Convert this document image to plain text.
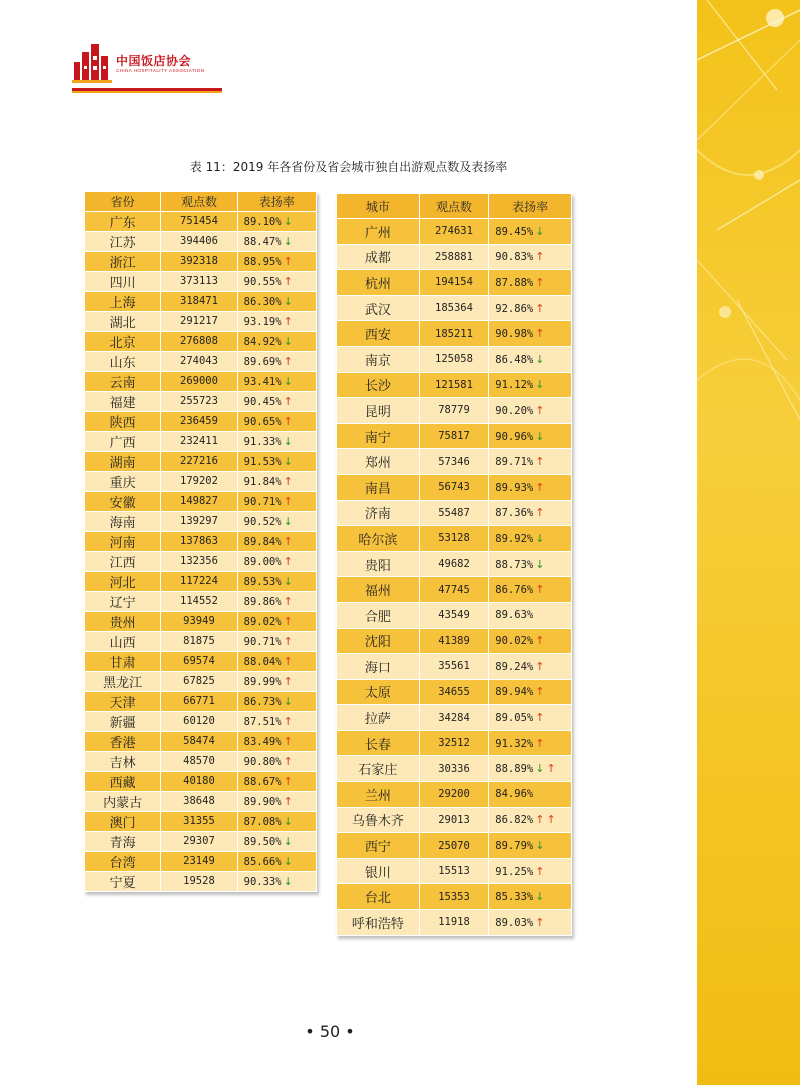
中国饭店协会
CHINA HOSPITALITY ASSOCIATION
表 11：2019 年各省份及省会城市独自出游观点数及表扬率
省份	观点数	表扬率
广东	751454	89.10% ↓
江苏	394406	88.47% ↓
浙江	392318	88.95% ↑
四川	373113	90.55% ↑
上海	318471	86.30% ↓
湖北	291217	93.19% ↑
北京	276808	84.92% ↓
山东	274043	89.69% ↑
云南	269000	93.41% ↓
福建	255723	90.45% ↑
陕西	236459	90.65% ↑
广西	232411	91.33% ↓
湖南	227216	91.53% ↓
重庆	179202	91.84% ↑
安徽	149827	90.71% ↑
海南	139297	90.52% ↓
河南	137863	89.84% ↑
江西	132356	89.00% ↑
河北	117224	89.53% ↓
辽宁	114552	89.86% ↑
贵州	93949	89.02% ↑
山西	81875	90.71% ↑
甘肃	69574	88.04% ↑
黑龙江	67825	89.99% ↑
天津	66771	86.73% ↓
新疆	60120	87.51% ↑
香港	58474	83.49% ↑
吉林	48570	90.80% ↑
西藏	40180	88.67% ↑
内蒙古	38648	89.90% ↑
澳门	31355	87.08% ↓
青海	29307	89.50% ↓
台湾	23149	85.66% ↓
宁夏	19528	90.33% ↓
城市	观点数	表扬率
广州	274631	89.45% ↓
成都	258881	90.83% ↑
杭州	194154	87.88% ↑
武汉	185364	92.86% ↑
西安	185211	90.98% ↑
南京	125058	86.48% ↓
长沙	121581	91.12% ↓
昆明	78779	90.20% ↑
南宁	75817	90.96% ↓
郑州	57346	89.71% ↑
南昌	56743	89.93% ↑
济南	55487	87.36% ↑
哈尔滨	53128	89.92% ↓
贵阳	49682	88.73% ↓
福州	47745	86.76% ↑
合肥	43549	89.63%
沈阳	41389	90.02% ↑
海口	35561	89.24% ↑
太原	34655	89.94% ↑
拉萨	34284	89.05% ↑
长春	32512	91.32% ↑
石家庄	30336	88.89% ↓ ↑
兰州	29200	84.96%
乌鲁木齐	29013	86.82% ↑ ↑
西宁	25070	89.79% ↓
银川	15513	91.25% ↑
台北	15353	85.33% ↓
呼和浩特	11918	89.03% ↑
• 50 •
